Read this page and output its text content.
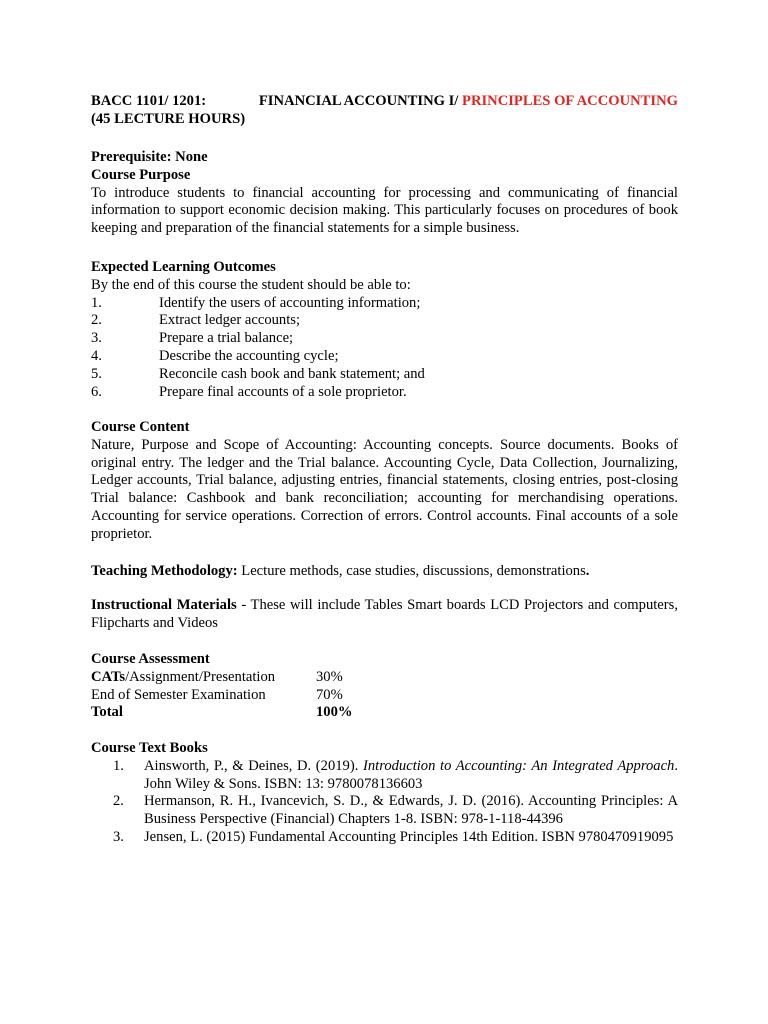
BACC 1101/ 1201:	FINANCIAL ACCOUNTING I/ PRINCIPLES OF ACCOUNTING
(45 LECTURE HOURS)
Prerequisite: None
Course Purpose
To introduce students to financial accounting for processing and communicating of financial information to support economic decision making. This particularly focuses on procedures of book keeping and preparation of the financial statements for a simple business.
Expected Learning Outcomes
By the end of this course the student should be able to:
1.	Identify the users of accounting information;
2.	Extract ledger accounts;
3.	Prepare a trial balance;
4.	Describe the accounting cycle;
5.	Reconcile cash book and bank statement; and
6.	Prepare final accounts of a sole proprietor.
Course Content
Nature, Purpose and Scope of Accounting: Accounting concepts. Source documents. Books of original entry. The ledger and the Trial balance. Accounting Cycle, Data Collection, Journalizing, Ledger accounts, Trial balance, adjusting entries, financial statements, closing entries, post-closing Trial balance: Cashbook and bank reconciliation; accounting for merchandising operations. Accounting for service operations. Correction of errors. Control accounts. Final accounts of a sole proprietor.
Teaching Methodology: Lecture methods, case studies, discussions, demonstrations.
Instructional Materials - These will include Tables Smart boards LCD Projectors and computers, Flipcharts and Videos
Course Assessment
CATs/Assignment/Presentation	30%
End of Semester Examination	70%
Total	100%
Course Text Books
1.	Ainsworth, P., & Deines, D. (2019). Introduction to Accounting: An Integrated Approach. John Wiley & Sons. ISBN: 13: 9780078136603
2.	Hermanson, R. H., Ivancevich, S. D., & Edwards, J. D. (2016). Accounting Principles: A Business Perspective (Financial) Chapters 1-8. ISBN: 978-1-118-44396
3.	Jensen, L. (2015) Fundamental Accounting Principles 14th Edition. ISBN 9780470919095
